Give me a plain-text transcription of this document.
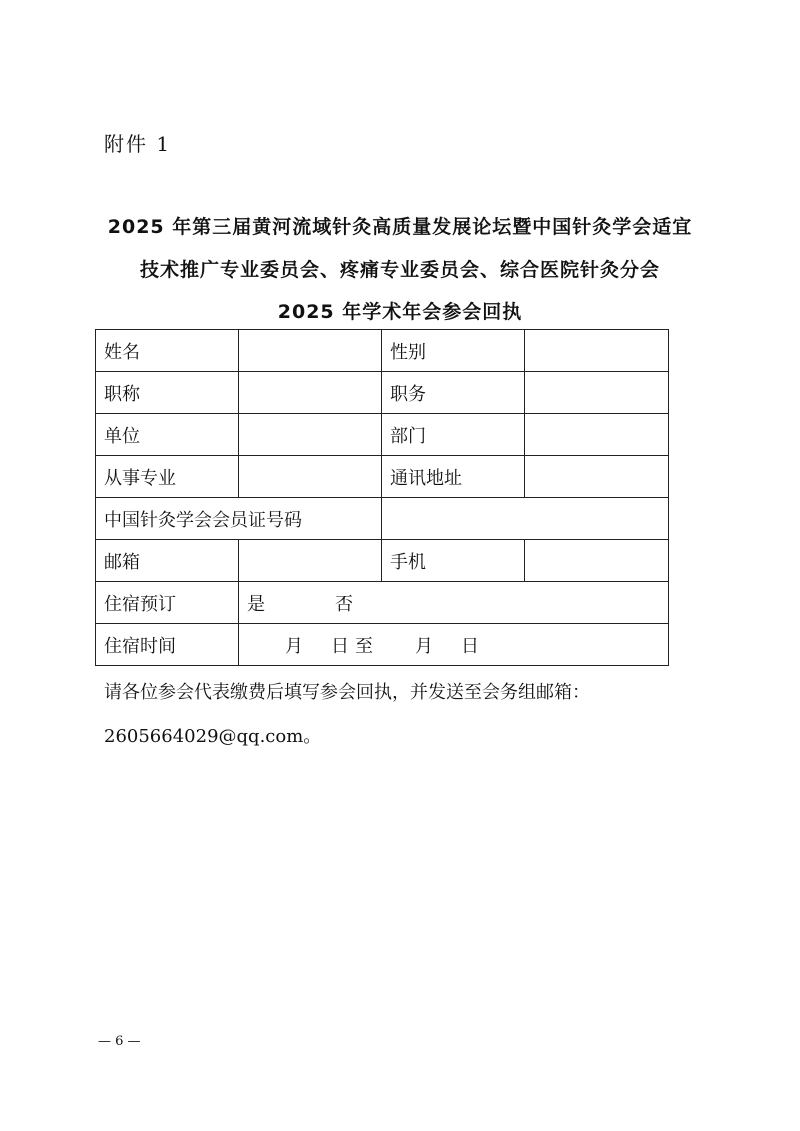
附件 1
2025 年第三届黄河流域针灸高质量发展论坛暨中国针灸学会适宜
技术推广专业委员会、疼痛专业委员会、综合医院针灸分会
2025 年学术年会参会回执
姓名		性别	
职称		职务	
单位		部门	
从事专业		通讯地址	
中国针灸学会会员证号码			
邮箱		手机	
住宿预订	是 否		
住宿时间	月 日 至 月 日		
请各位参会代表缴费后填写参会回执，并发送至会务组邮箱：
2605664029@qq.com。
— 6 —
